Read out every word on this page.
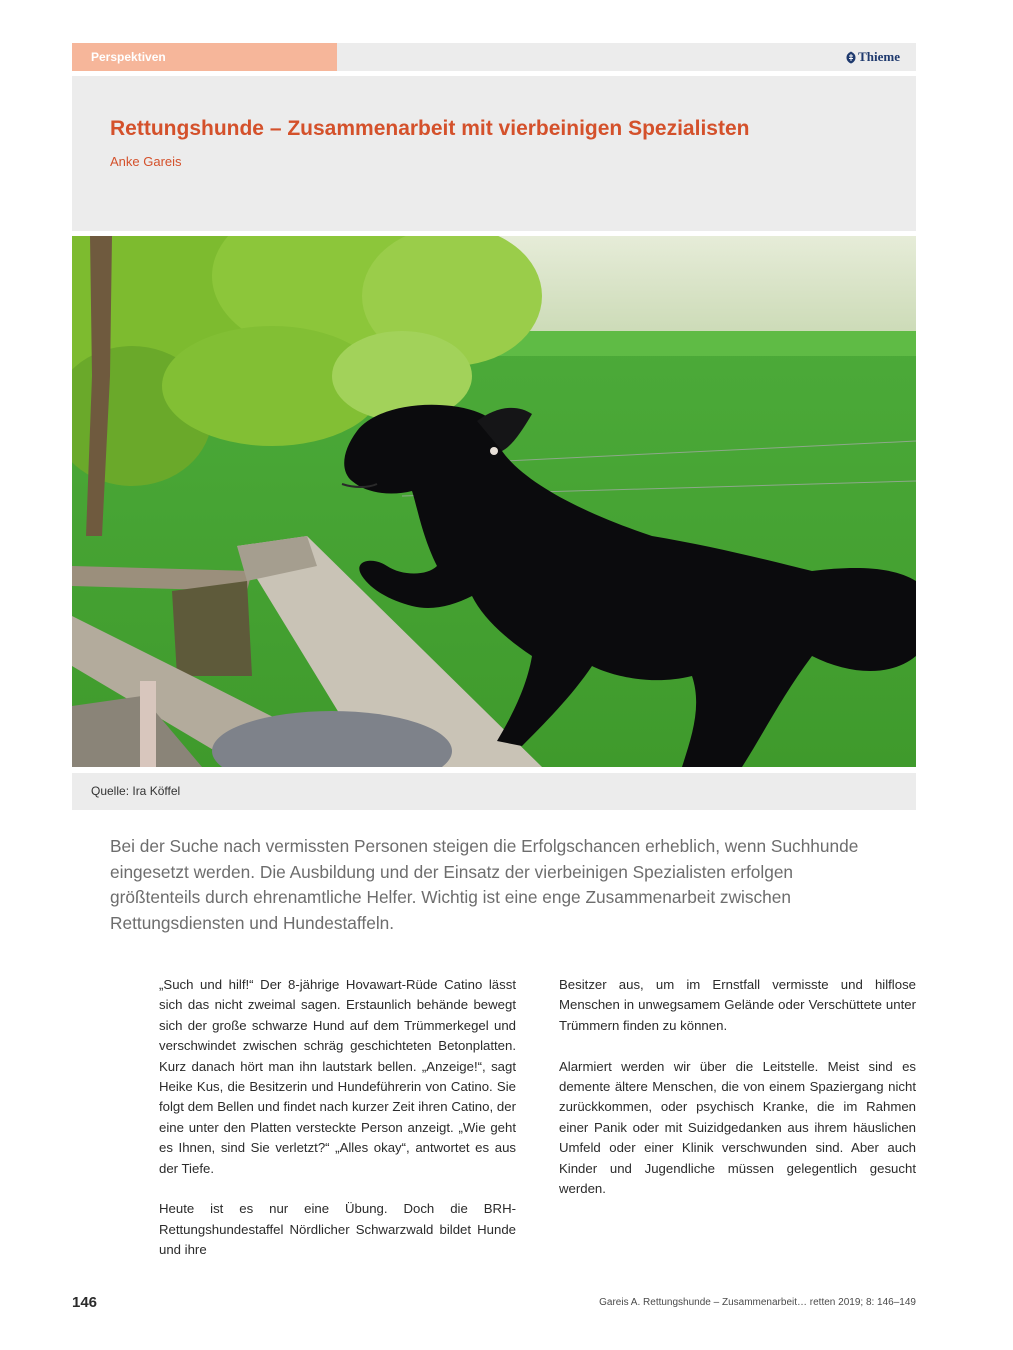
Perspektiven	Thieme
Rettungshunde – Zusammenarbeit mit vierbeinigen Spezialisten
Anke Gareis
Quelle: Ira Köffel

Bei der Suche nach vermissten Personen steigen die Erfolgschancen erheblich, wenn Suchhunde eingesetzt werden. Die Ausbildung und der Einsatz der vierbeinigen Spezialisten erfolgen größtenteils durch ehrenamtliche Helfer. Wichtig ist eine enge Zusammenarbeit zwischen Rettungsdiensten und Hundestaffeln.

„Such und hilf!“ Der 8-jährige Hovawart-Rüde Catino lässt sich das nicht zweimal sagen. Erstaunlich behände bewegt sich der große schwarze Hund auf dem Trümmerkegel und verschwindet zwischen schräg geschichteten Betonplatten. Kurz danach hört man ihn lautstark bellen. „Anzeige!“, sagt Heike Kus, die Besitzerin und Hundeführerin von Catino. Sie folgt dem Bellen und findet nach kurzer Zeit ihren Catino, der eine unter den Platten versteckte Person anzeigt. „Wie geht es Ihnen, sind Sie verletzt?“ „Alles okay“, antwortet es aus der Tiefe.

Heute ist es nur eine Übung. Doch die BRH-Rettungshundestaffel Nördlicher Schwarzwald bildet Hunde und ihre

Besitzer aus, um im Ernstfall vermisste und hilflose Menschen in unwegsamem Gelände oder Verschüttete unter Trümmern finden zu können.

Alarmiert werden wir über die Leitstelle. Meist sind es demente ältere Menschen, die von einem Spaziergang nicht zurückkommen, oder psychisch Kranke, die im Rahmen einer Panik oder mit Suizidgedanken aus ihrem häuslichen Umfeld oder einer Klinik verschwunden sind. Aber auch Kinder und Jugendliche müssen gelegentlich gesucht werden.

146	Gareis A. Rettungshunde – Zusammenarbeit… retten 2019; 8: 146–149
